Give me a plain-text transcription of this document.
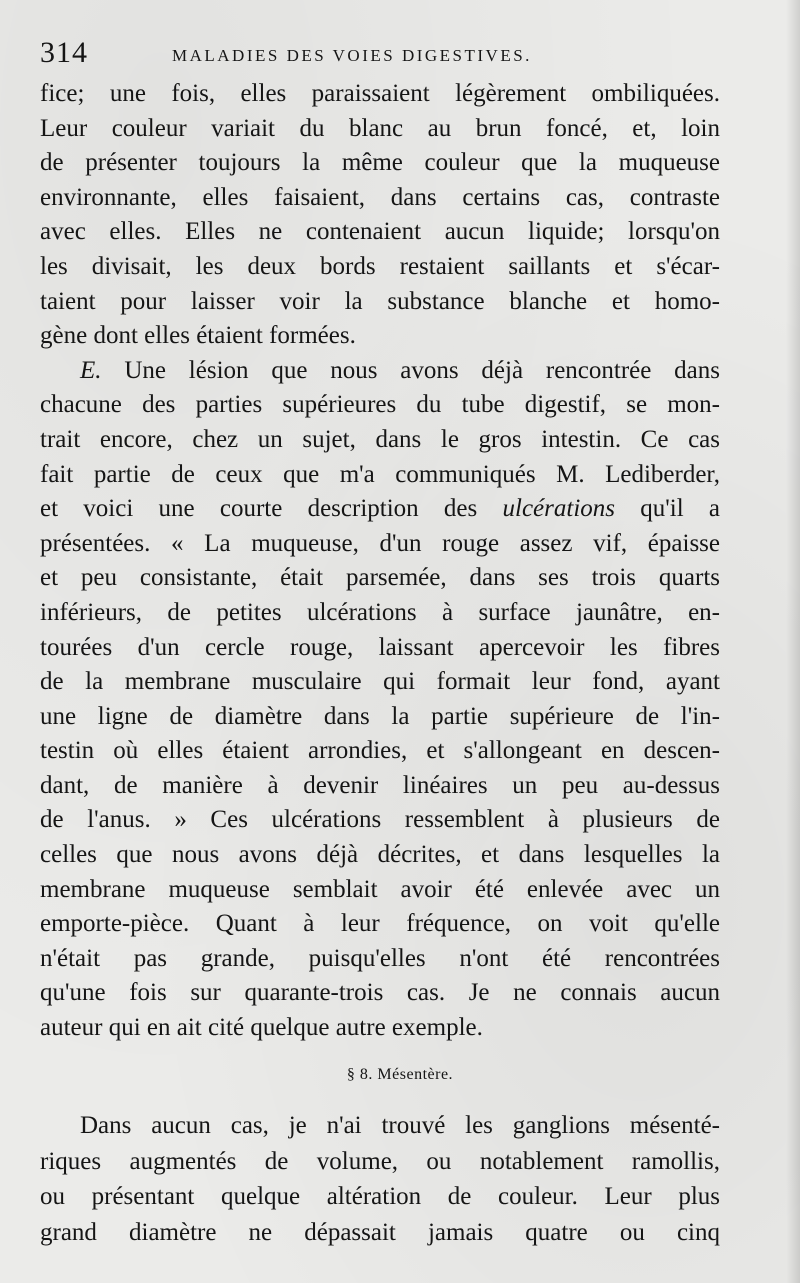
314	MALADIES DES VOIES DIGESTIVES.
fice; une fois, elles paraissaient légèrement ombiliquées.
Leur couleur variait du blanc au brun foncé, et, loin
de présenter toujours la même couleur que la muqueuse
environnante, elles faisaient, dans certains cas, contraste
avec elles. Elles ne contenaient aucun liquide; lorsqu'on
les divisait, les deux bords restaient saillants et s'écar-
taient pour laisser voir la substance blanche et homo-
gène dont elles étaient formées.
E. Une lésion que nous avons déjà rencontrée dans
chacune des parties supérieures du tube digestif, se mon-
trait encore, chez un sujet, dans le gros intestin. Ce cas
fait partie de ceux que m'a communiqués M. Lediberder,
et voici une courte description des ulcérations qu'il a
présentées. « La muqueuse, d'un rouge assez vif, épaisse
et peu consistante, était parsemée, dans ses trois quarts
inférieurs, de petites ulcérations à surface jaunâtre, en-
tourées d'un cercle rouge, laissant apercevoir les fibres
de la membrane musculaire qui formait leur fond, ayant
une ligne de diamètre dans la partie supérieure de l'in-
testin où elles étaient arrondies, et s'allongeant en descen-
dant, de manière à devenir linéaires un peu au-dessus
de l'anus. » Ces ulcérations ressemblent à plusieurs de
celles que nous avons déjà décrites, et dans lesquelles la
membrane muqueuse semblait avoir été enlevée avec un
emporte-pièce. Quant à leur fréquence, on voit qu'elle
n'était pas grande, puisqu'elles n'ont été rencontrées
qu'une fois sur quarante-trois cas. Je ne connais aucun
auteur qui en ait cité quelque autre exemple.
§ 8. Mésentère.
Dans aucun cas, je n'ai trouvé les ganglions mésenté-
riques augmentés de volume, ou notablement ramollis,
ou présentant quelque altération de couleur. Leur plus
grand diamètre ne dépassait jamais quatre ou cinq
